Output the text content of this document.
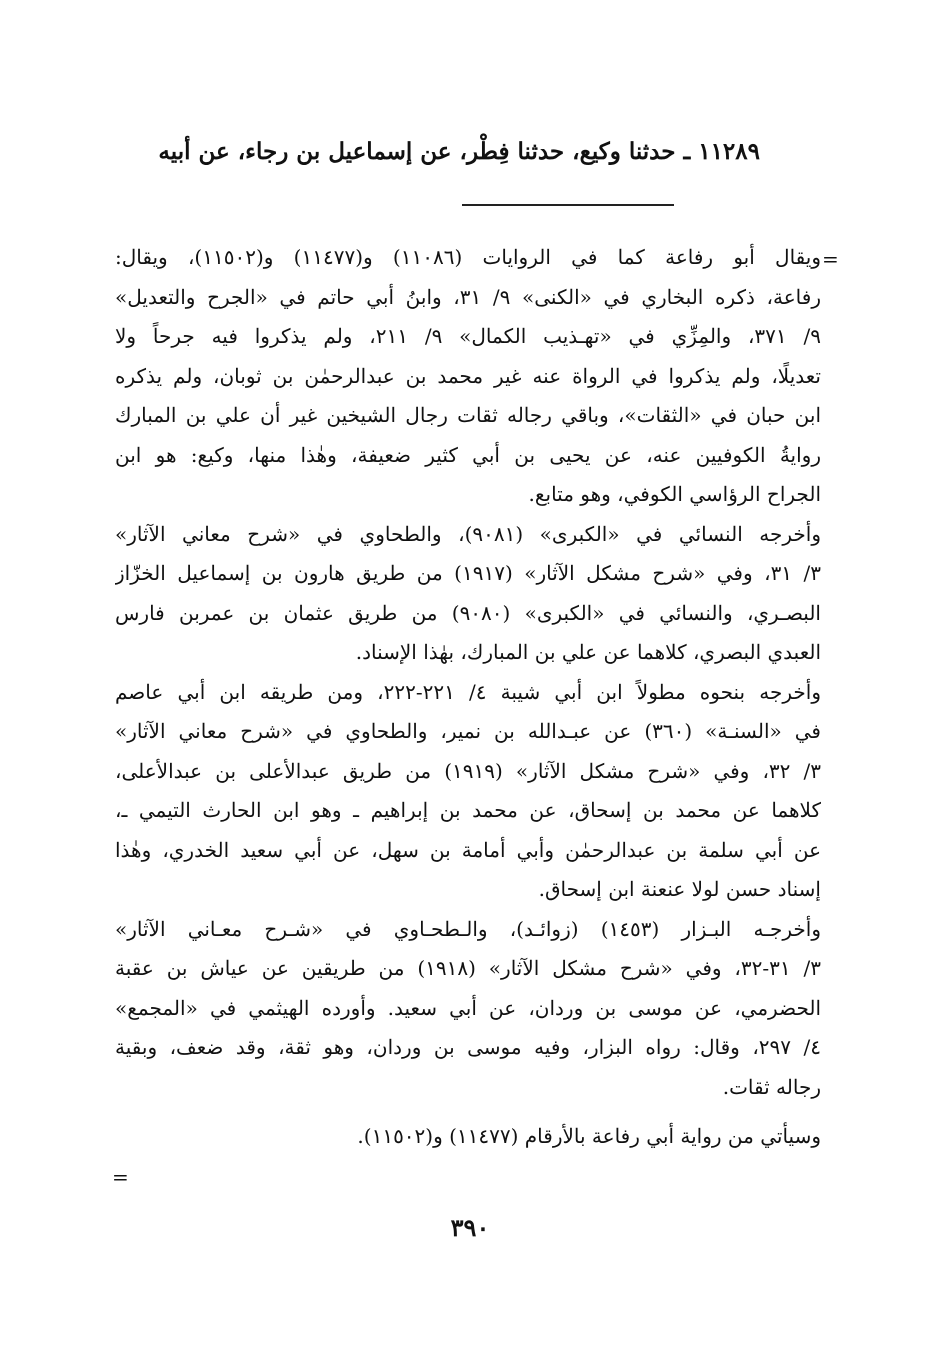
١١٢٨٩ ـ حدثنا وكيع، حدثنا فِطْر، عن إسماعيل بن رجاء، عن أبيه
=
ويقال أبو رفاعة كما في الروايات (١١٠٨٦) و(١١٤٧٧) و(١١٥٠٢)، ويقال:
رفاعة، ذكره البخاري في «الكنى» ٩/ ٣١، وابنُ أبي حاتم في «الجرح والتعديل»
٩/ ٣٧١، والمِزِّي في «تهـذيب الكمال» ٩/ ٢١١، ولم يذكروا فيه جرحاً ولا
تعديلًا، ولم يذكروا في الرواة عنه غير محمد بن عبدالرحمٰن بن ثوبان، ولم يذكره
ابن حبان في «الثقات»، وباقي رجاله ثقات رجال الشيخين غير أن علي بن المبارك
روايةُ الكوفيين عنه، عن يحيى بن أبي كثير ضعيفة، وهٰذا منها، وكيع: هو ابن
الجراح الرؤاسي الكوفي، وهو متابع.
وأخرجه النسائي في «الكبرى» (٩٠٨١)، والطحاوي في «شرح معاني الآثار»
٣/ ٣١، وفي «شرح مشكل الآثار» (١٩١٧) من طريق هارون بن إسماعيل الخزّاز
البصـري، والنسائي في «الكبرى» (٩٠٨٠) من طريق عثمان بن عمربن فارس
العبدي البصري، كلاهما عن علي بن المبارك، بهٰذا الإسناد.
وأخرجه بنحوه مطولاً ابن أبي شيبة ٤/ ٢٢١-٢٢٢، ومن طريقه ابن أبي عاصم
في «السنـة» (٣٦٠) عن عبـدالله بن نمير، والطحاوي في «شرح معاني الآثار»
٣/ ٣٢، وفي «شرح مشكل الآثار» (١٩١٩) من طريق عبدالأعلى بن عبدالأعلى،
كلاهما عن محمد بن إسحاق، عن محمد بن إبراهيم ـ وهو ابن الحارث التيمي ـ،
عن أبي سلمة بن عبدالرحمٰن وأبي أمامة بن سهل، عن أبي سعيد الخدري، وهٰذا
إسناد حسن لولا عنعنة ابن إسحاق.
وأخرجـه البـزار (١٤٥٣) (زوائـد)، والـطحـاوي في «شـرح معـاني الآثار»
٣/ ٣١-٣٢، وفي «شرح مشكل الآثار» (١٩١٨) من طريقين عن عياش بن عقبة
الحضرمي، عن موسى بن وردان، عن أبي سعيد. وأورده الهيثمي في «المجمع»
٤/ ٢٩٧، وقال: رواه البزار، وفيه موسى بن وردان، وهو ثقة، وقد ضعف، وبقية
رجاله ثقات.
وسيأتي من رواية أبي رفاعة بالأرقام (١١٤٧٧) و(١١٥٠٢).
=
٣٩٠
